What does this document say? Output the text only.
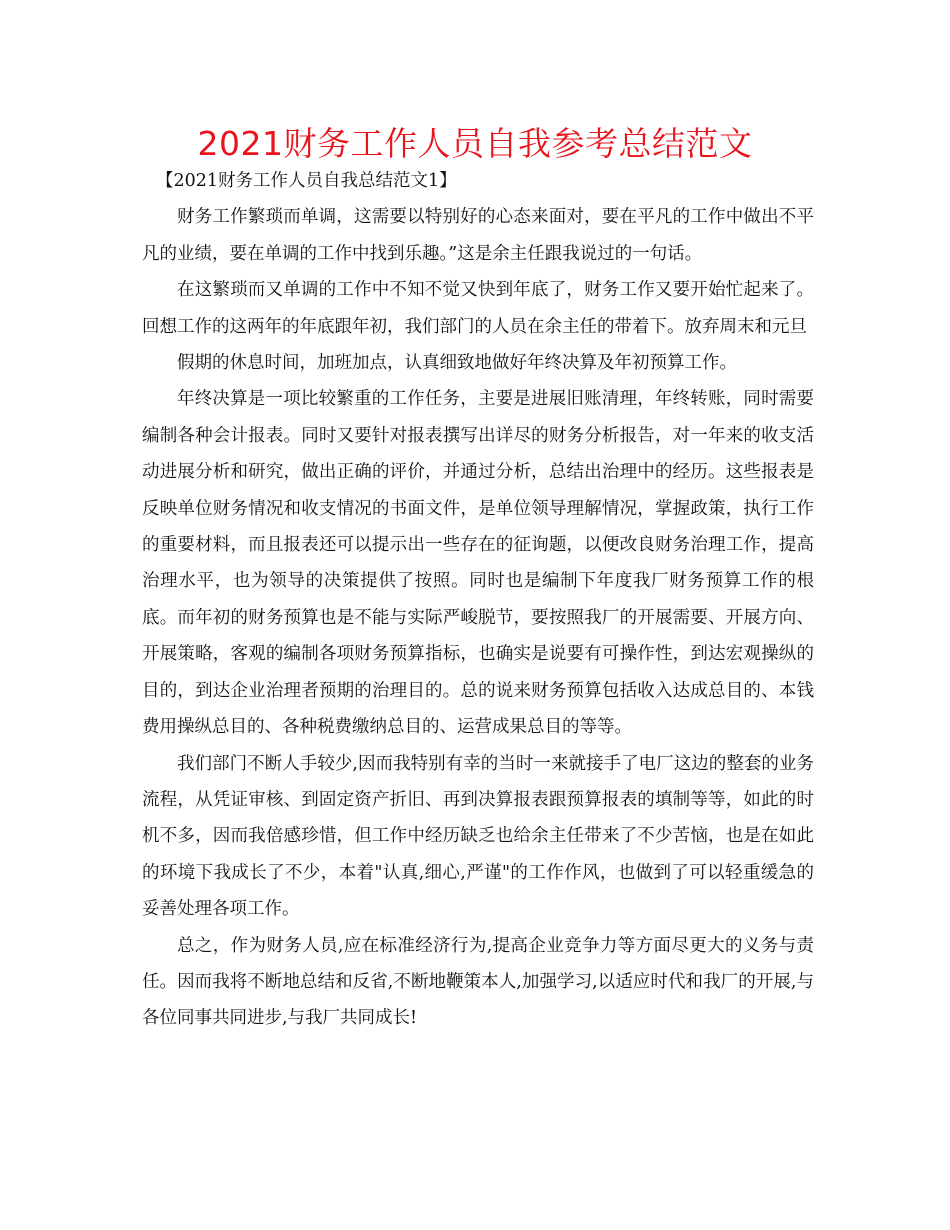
2021财务工作人员自我参考总结范文

【2021财务工作人员自我总结范文1】

财务工作繁琐而单调，这需要以特别好的心态来面对，要在平凡的工作中做出不平凡的业绩，要在单调的工作中找到乐趣。”这是余主任跟我说过的一句话。

在这繁琐而又单调的工作中不知不觉又快到年底了，财务工作又要开始忙起来了。回想工作的这两年的年底跟年初，我们部门的人员在余主任的带着下。放弃周末和元旦

假期的休息时间，加班加点，认真细致地做好年终决算及年初预算工作。

年终决算是一项比较繁重的工作任务，主要是进展旧账清理，年终转账，同时需要编制各种会计报表。同时又要针对报表撰写出详尽的财务分析报告，对一年来的收支活动进展分析和研究，做出正确的评价，并通过分析，总结出治理中的经历。这些报表是反映单位财务情况和收支情况的书面文件，是单位领导理解情况，掌握政策，执行工作的重要材料，而且报表还可以提示出一些存在的征询题，以便改良财务治理工作，提高治理水平，也为领导的决策提供了按照。同时也是编制下年度我厂财务预算工作的根底。而年初的财务预算也是不能与实际严峻脱节，要按照我厂的开展需要、开展方向、开展策略，客观的编制各项财务预算指标，也确实是说要有可操作性，到达宏观操纵的目的，到达企业治理者预期的治理目的。总的说来财务预算包括收入达成总目的、本钱费用操纵总目的、各种税费缴纳总目的、运营成果总目的等等。

我们部门不断人手较少,因而我特别有幸的当时一来就接手了电厂这边的整套的业务流程，从凭证审核、到固定资产折旧、再到决算报表跟预算报表的填制等等，如此的时机不多，因而我倍感珍惜，但工作中经历缺乏也给余主任带来了不少苦恼，也是在如此的环境下我成长了不少，本着"认真,细心,严谨"的工作作风，也做到了可以轻重缓急的妥善处理各项工作。

总之，作为财务人员,应在标准经济行为,提高企业竞争力等方面尽更大的义务与责任。因而我将不断地总结和反省,不断地鞭策本人,加强学习,以适应时代和我厂的开展,与各位同事共同进步,与我厂共同成长!
